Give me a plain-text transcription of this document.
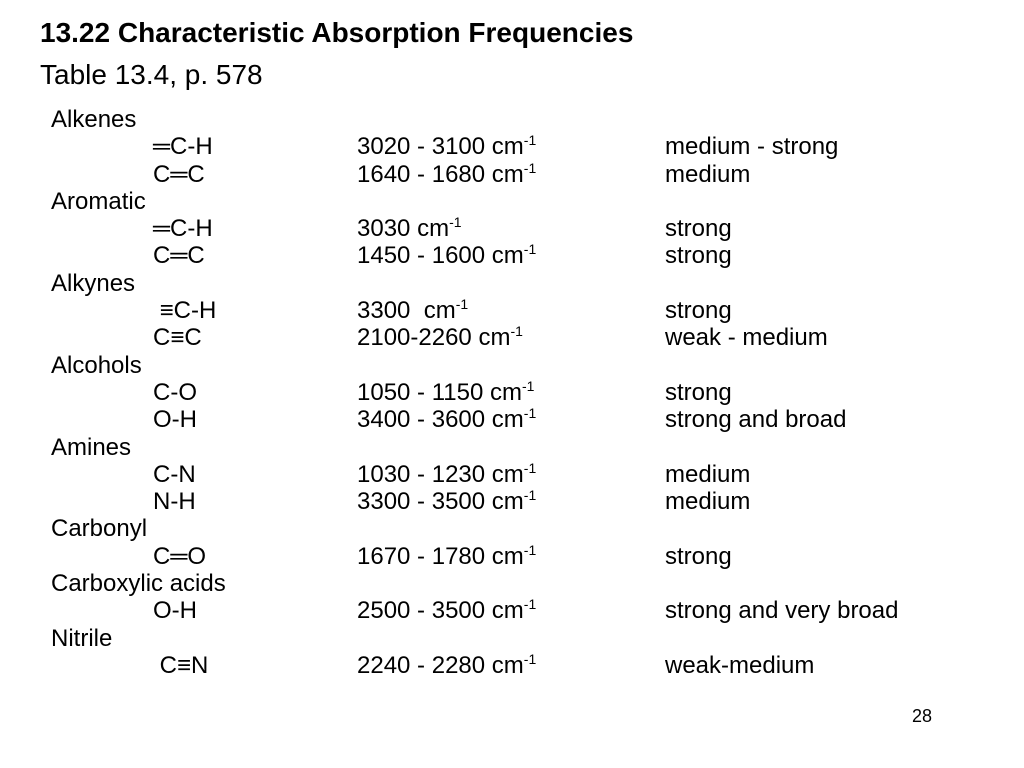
13.22 Characteristic Absorption Frequencies
Table 13.4, p. 578
Alkenes
═C-H	3020 - 3100 $cm^{-1}$	medium - strong
C═C	1640 - 1680 $cm^{-1}$	medium
Aromatic
═C-H	3030 $cm^{-1}$	strong
C═C	1450 - 1600 $cm^{-1}$	strong
Alkynes
≡C-H	3300  $cm^{-1}$	strong
C≡C	2100-2260 $cm^{-1}$	weak - medium
Alcohols
C-O	1050 - 1150 $cm^{-1}$	strong
O-H	3400 - 3600 $cm^{-1}$	strong and broad
Amines
C-N	1030 - 1230 $cm^{-1}$	medium
N-H	3300 - 3500 $cm^{-1}$	medium
Carbonyl
C═O	1670 - 1780 $cm^{-1}$	strong
Carboxylic acids
O-H	2500 - 3500 $cm^{-1}$	strong and very broad
Nitrile
C≡N	2240 - 2280 $cm^{-1}$	weak-medium
28
